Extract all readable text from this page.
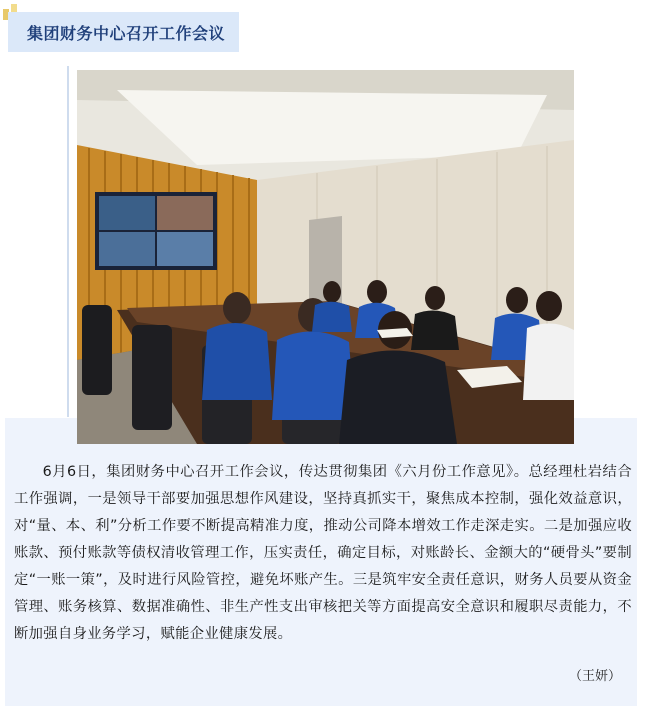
集团财务中心召开工作会议

6月6日，集团财务中心召开工作会议，传达贯彻集团《六月份工作意见》。总经理杜岩结合工作强调，一是领导干部要加强思想作风建设，坚持真抓实干，聚焦成本控制，强化效益意识，对“量、本、利”分析工作要不断提高精准力度，推动公司降本增效工作走深走实。二是加强应收账款、预付账款等债权清收管理工作，压实责任，确定目标，对账龄长、金额大的“硬骨头”要制定“一账一策”，及时进行风险管控，避免坏账产生。三是筑牢安全责任意识，财务人员要从资金管理、账务核算、数据准确性、非生产性支出审核把关等方面提高安全意识和履职尽责能力，不断加强自身业务学习，赋能企业健康发展。

（王妍）
